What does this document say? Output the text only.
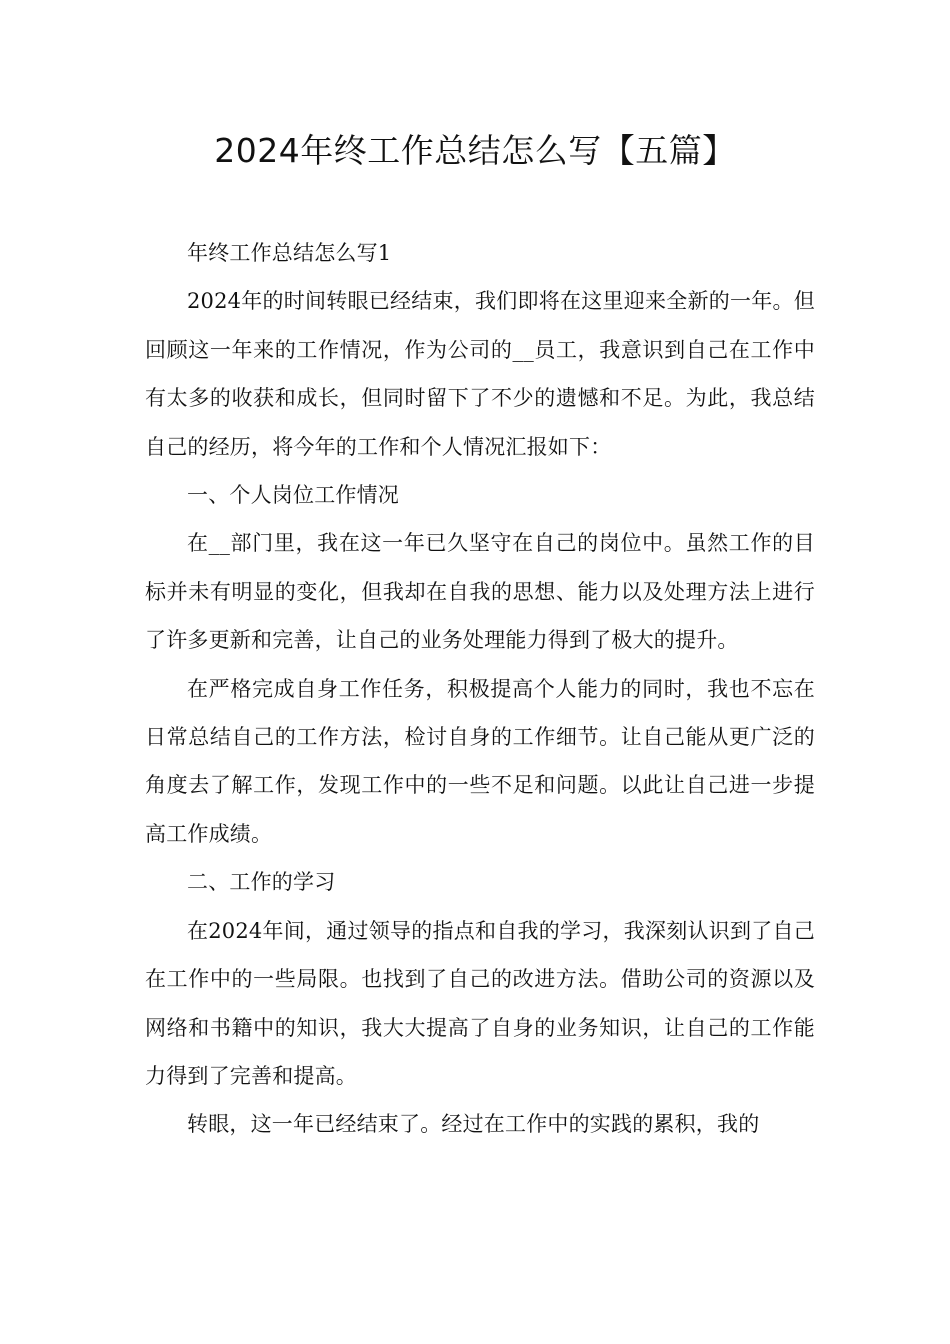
2024年终工作总结怎么写【五篇】

年终工作总结怎么写1

2024年的时间转眼已经结束，我们即将在这里迎来全新的一年。但回顾这一年来的工作情况，作为公司的__员工，我意识到自己在工作中有太多的收获和成长，但同时留下了不少的遗憾和不足。为此，我总结自己的经历，将今年的工作和个人情况汇报如下：

一、个人岗位工作情况

在__部门里，我在这一年已久坚守在自己的岗位中。虽然工作的目标并未有明显的变化，但我却在自我的思想、能力以及处理方法上进行了许多更新和完善，让自己的业务处理能力得到了极大的提升。

在严格完成自身工作任务，积极提高个人能力的同时，我也不忘在日常总结自己的工作方法，检讨自身的工作细节。让自己能从更广泛的角度去了解工作，发现工作中的一些不足和问题。以此让自己进一步提高工作成绩。

二、工作的学习

在2024年间，通过领导的指点和自我的学习，我深刻认识到了自己在工作中的一些局限。也找到了自己的改进方法。借助公司的资源以及网络和书籍中的知识，我大大提高了自身的业务知识，让自己的工作能力得到了完善和提高。

转眼，这一年已经结束了。经过在工作中的实践的累积，我的
